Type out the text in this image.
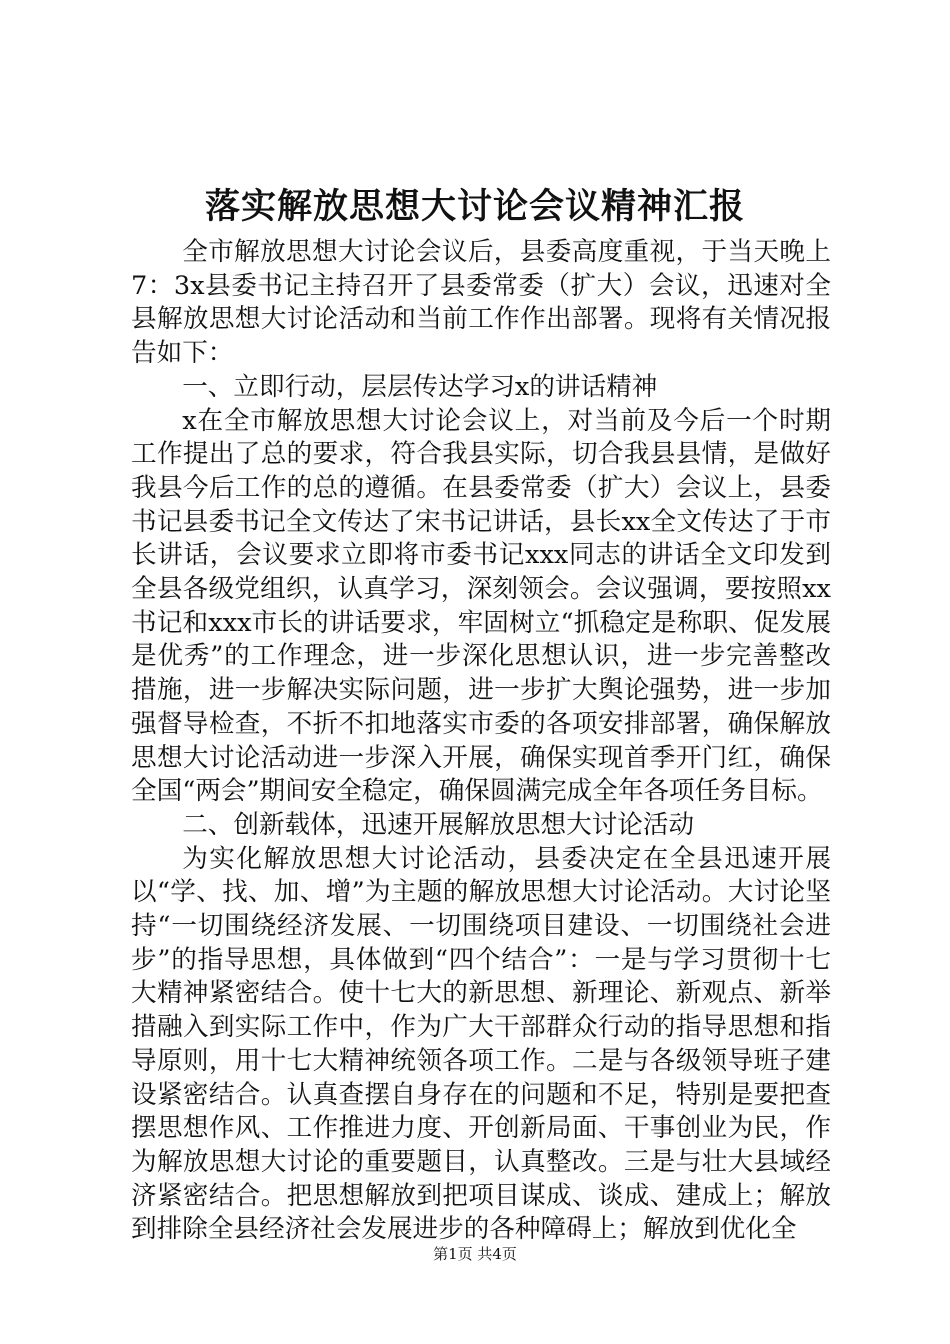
落实解放思想大讨论会议精神汇报

全市解放思想大讨论会议后，县委高度重视，于当天晚上7：3x县委书记主持召开了县委常委（扩大）会议，迅速对全县解放思想大讨论活动和当前工作作出部署。现将有关情况报告如下：

一、立即行动，层层传达学习x的讲话精神

x在全市解放思想大讨论会议上，对当前及今后一个时期工作提出了总的要求，符合我县实际，切合我县县情，是做好我县今后工作的总的遵循。在县委常委（扩大）会议上，县委书记县委书记全文传达了宋书记讲话，县长xx全文传达了于市长讲话，会议要求立即将市委书记xxx同志的讲话全文印发到全县各级党组织，认真学习，深刻领会。会议强调，要按照xx书记和xxx市长的讲话要求，牢固树立“抓稳定是称职、促发展是优秀”的工作理念，进一步深化思想认识，进一步完善整改措施，进一步解决实际问题，进一步扩大舆论强势，进一步加强督导检查，不折不扣地落实市委的各项安排部署，确保解放思想大讨论活动进一步深入开展，确保实现首季开门红，确保全国“两会”期间安全稳定，确保圆满完成全年各项任务目标。

二、创新载体，迅速开展解放思想大讨论活动

为实化解放思想大讨论活动，县委决定在全县迅速开展以“学、找、加、增”为主题的解放思想大讨论活动。大讨论坚持“一切围绕经济发展、一切围绕项目建设、一切围绕社会进步”的指导思想，具体做到“四个结合”：一是与学习贯彻十七大精神紧密结合。使十七大的新思想、新理论、新观点、新举措融入到实际工作中，作为广大干部群众行动的指导思想和指导原则，用十七大精神统领各项工作。二是与各级领导班子建设紧密结合。认真查摆自身存在的问题和不足，特别是要把查摆思想作风、工作推进力度、开创新局面、干事创业为民，作为解放思想大讨论的重要题目，认真整改。三是与壮大县域经济紧密结合。把思想解放到把项目谋成、谈成、建成上；解放到排除全县经济社会发展进步的各种障碍上；解放到优化全

第1页 共4页
